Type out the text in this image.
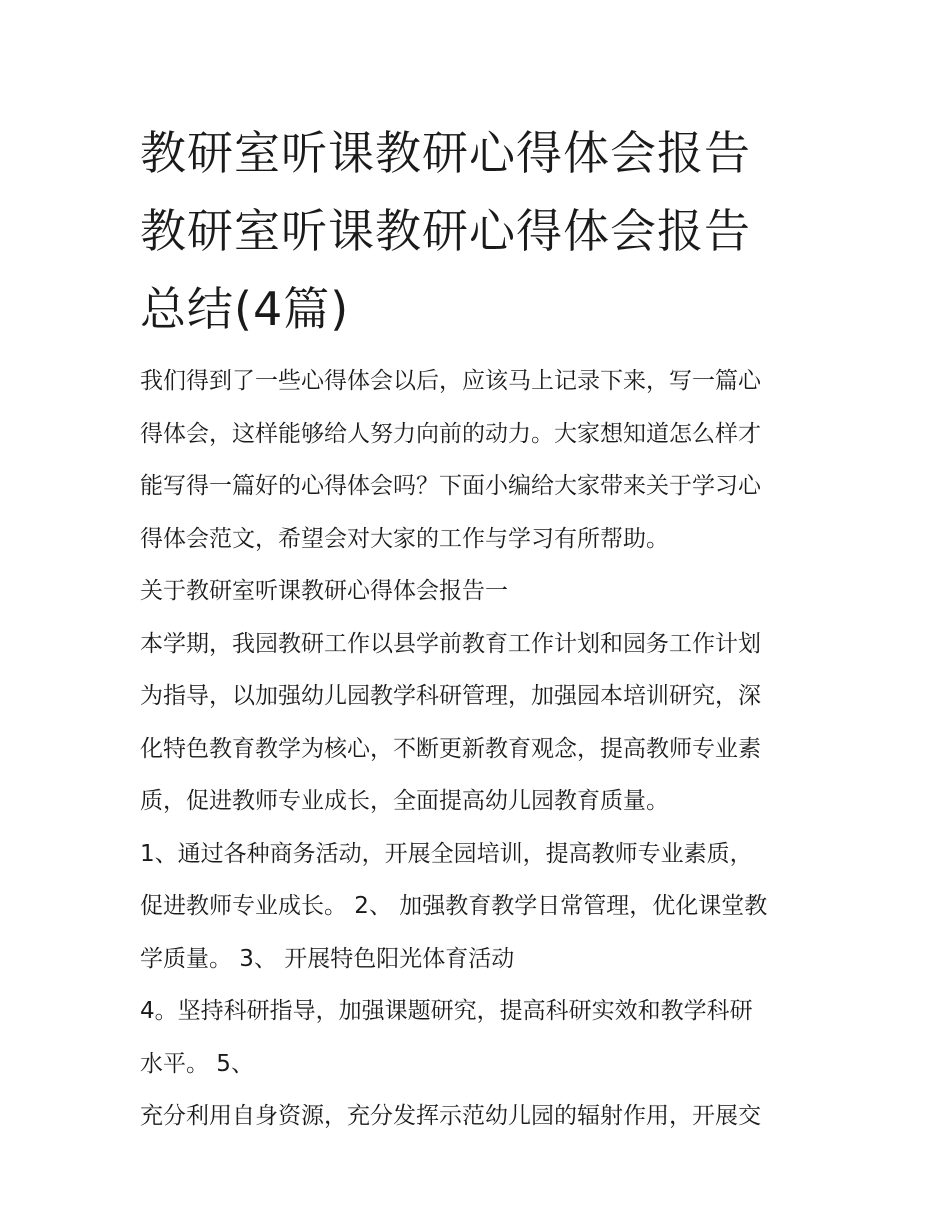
教研室听课教研心得体会报告
教研室听课教研心得体会报告
总结(4篇)
我们得到了一些心得体会以后，应该马上记录下来，写一篇心
得体会，这样能够给人努力向前的动力。大家想知道怎么样才
能写得一篇好的心得体会吗？下面小编给大家带来关于学习心
得体会范文，希望会对大家的工作与学习有所帮助。
关于教研室听课教研心得体会报告一
本学期，我园教研工作以县学前教育工作计划和园务工作计划
为指导，以加强幼儿园教学科研管理，加强园本培训研究，深
化特色教育教学为核心，不断更新教育观念，提高教师专业素
质，促进教师专业成长，全面提高幼儿园教育质量。
1、通过各种商务活动，开展全园培训，提高教师专业素质，
促进教师专业成长。 2、 加强教育教学日常管理，优化课堂教
学质量。 3、 开展特色阳光体育活动
4。坚持科研指导，加强课题研究，提高科研实效和教学科研
水平。 5、
充分利用自身资源，充分发挥示范幼儿园的辐射作用，开展交
